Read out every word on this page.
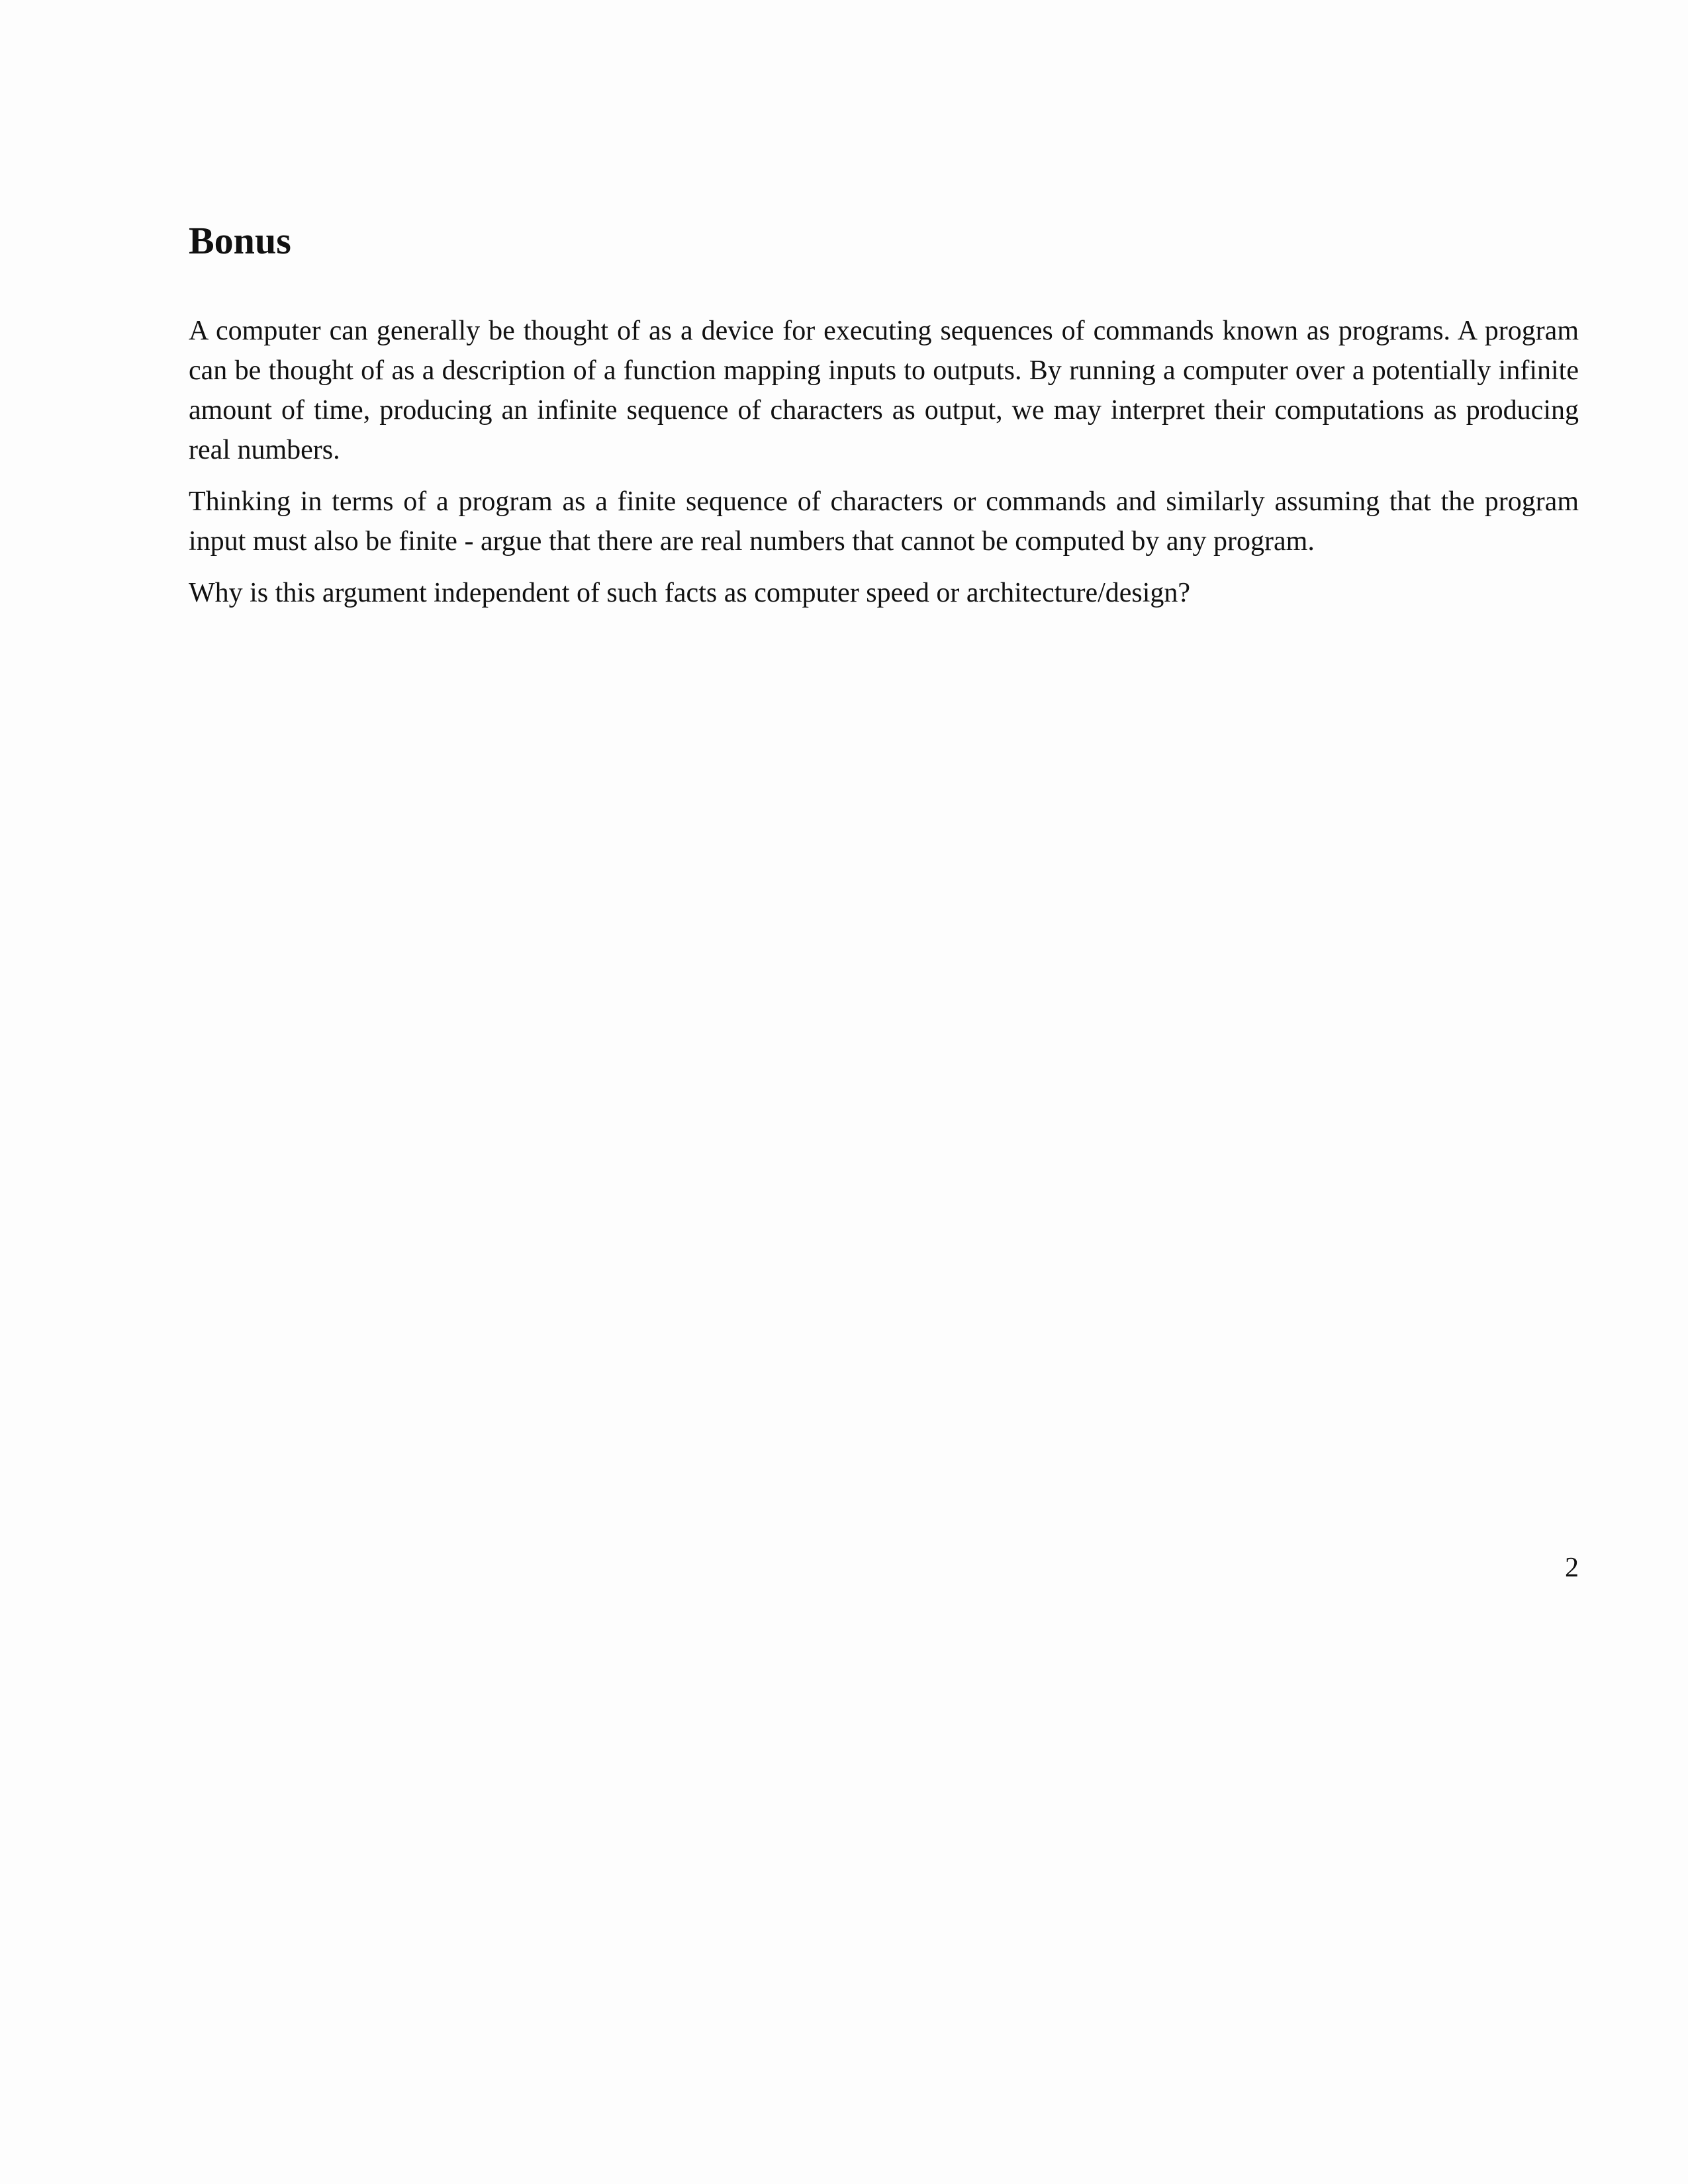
Bonus

A computer can generally be thought of as a device for executing sequences of commands known as programs. A program can be thought of as a description of a function mapping inputs to outputs. By running a computer over a potentially infinite amount of time, producing an infinite sequence of characters as output, we may interpret their computations as producing real numbers.

Thinking in terms of a program as a finite sequence of characters or commands and similarly assuming that the program input must also be finite - argue that there are real numbers that cannot be computed by any program.

Why is this argument independent of such facts as computer speed or architecture/design?

2
